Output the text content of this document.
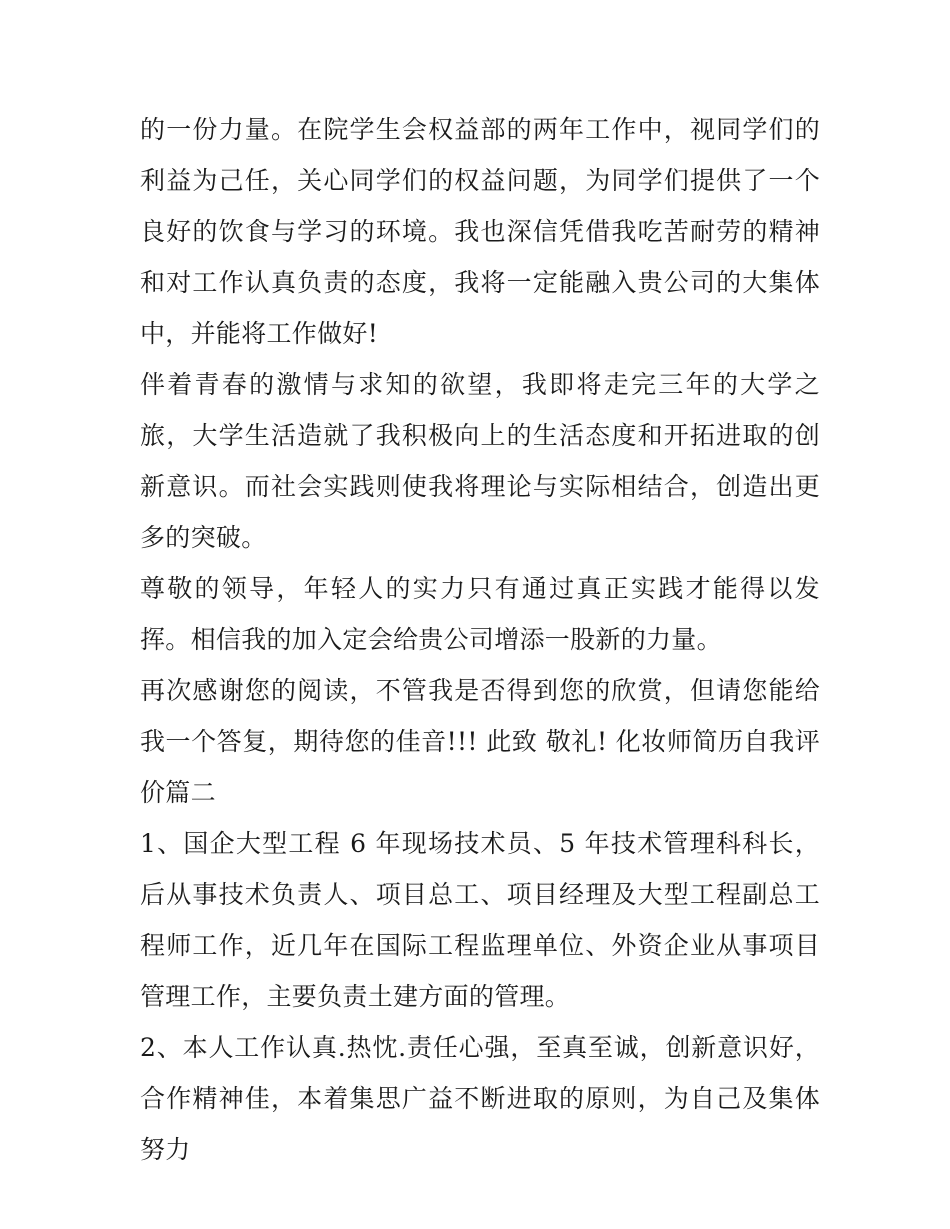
的一份力量。在院学生会权益部的两年工作中，视同学们的利益为己任，关心同学们的权益问题，为同学们提供了一个良好的饮食与学习的环境。我也深信凭借我吃苦耐劳的精神和对工作认真负责的态度，我将一定能融入贵公司的大集体中，并能将工作做好!

伴着青春的激情与求知的欲望，我即将走完三年的大学之旅，大学生活造就了我积极向上的生活态度和开拓进取的创新意识。而社会实践则使我将理论与实际相结合，创造出更多的突破。

尊敬的领导，年轻人的实力只有通过真正实践才能得以发挥。相信我的加入定会给贵公司增添一股新的力量。

再次感谢您的阅读，不管我是否得到您的欣赏，但请您能给我一个答复，期待您的佳音!!! 此致 敬礼! 化妆师简历自我评价篇二

1、国企大型工程 6 年现场技术员、5 年技术管理科科长，后从事技术负责人、项目总工、项目经理及大型工程副总工程师工作，近几年在国际工程监理单位、外资企业从事项目管理工作，主要负责土建方面的管理。

2、本人工作认真.热忱.责任心强，至真至诚，创新意识好，合作精神佳，本着集思广益不断进取的原则，为自己及集体努力
